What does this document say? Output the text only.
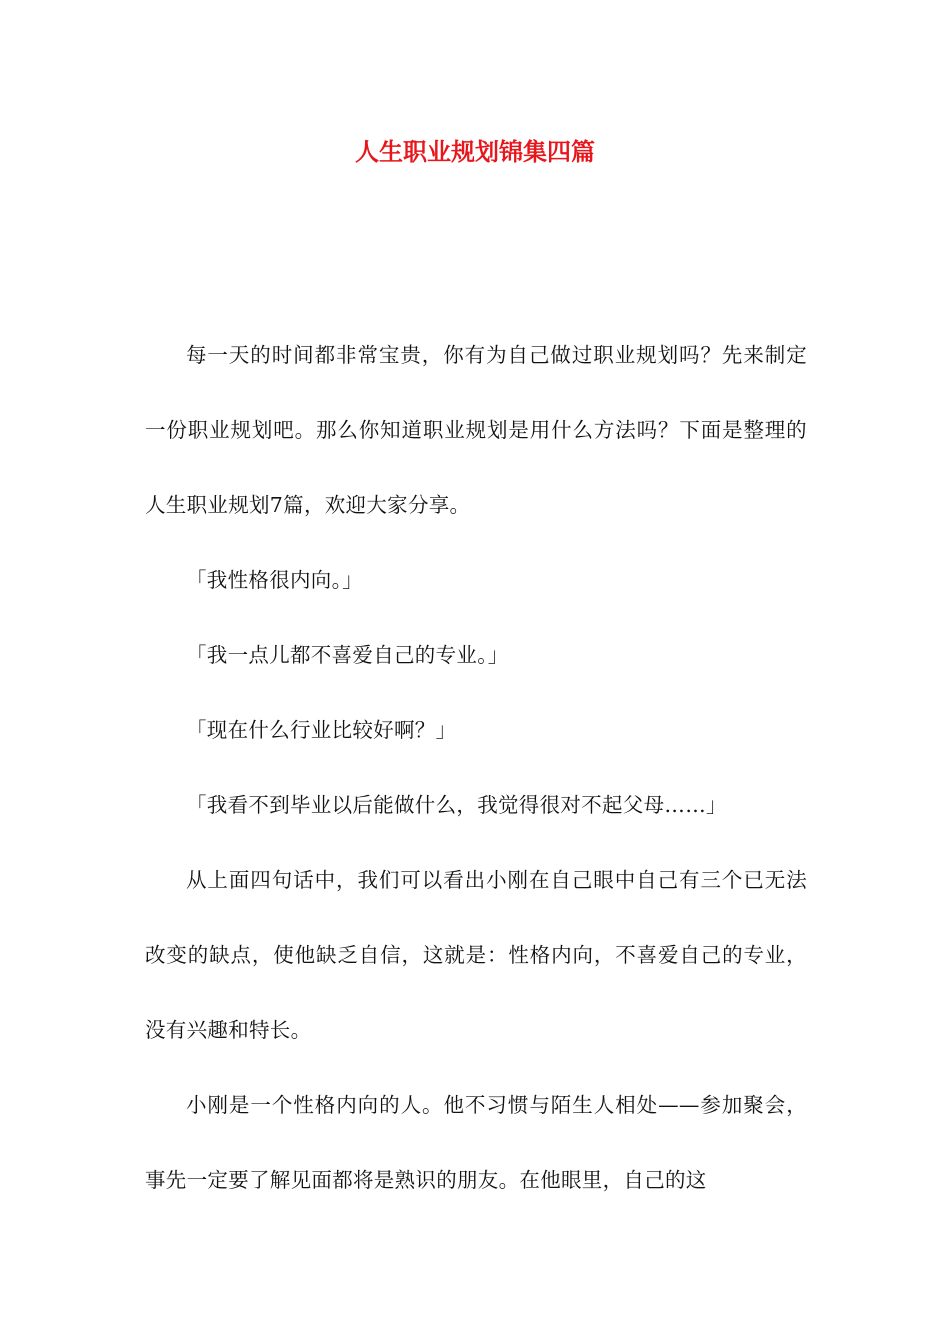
人生职业规划锦集四篇

每一天的时间都非常宝贵，你有为自己做过职业规划吗？先来制定一份职业规划吧。那么你知道职业规划是用什么方法吗？下面是整理的人生职业规划7篇，欢迎大家分享。

「我性格很内向。」

「我一点儿都不喜爱自己的专业。」

「现在什么行业比较好啊？」

「我看不到毕业以后能做什么，我觉得很对不起父母……」

从上面四句话中，我们可以看出小刚在自己眼中自己有三个已无法改变的缺点，使他缺乏自信，这就是：性格内向，不喜爱自己的专业，没有兴趣和特长。

小刚是一个性格内向的人。他不习惯与陌生人相处——参加聚会，事先一定要了解见面都将是熟识的朋友。在他眼里，自己的这
